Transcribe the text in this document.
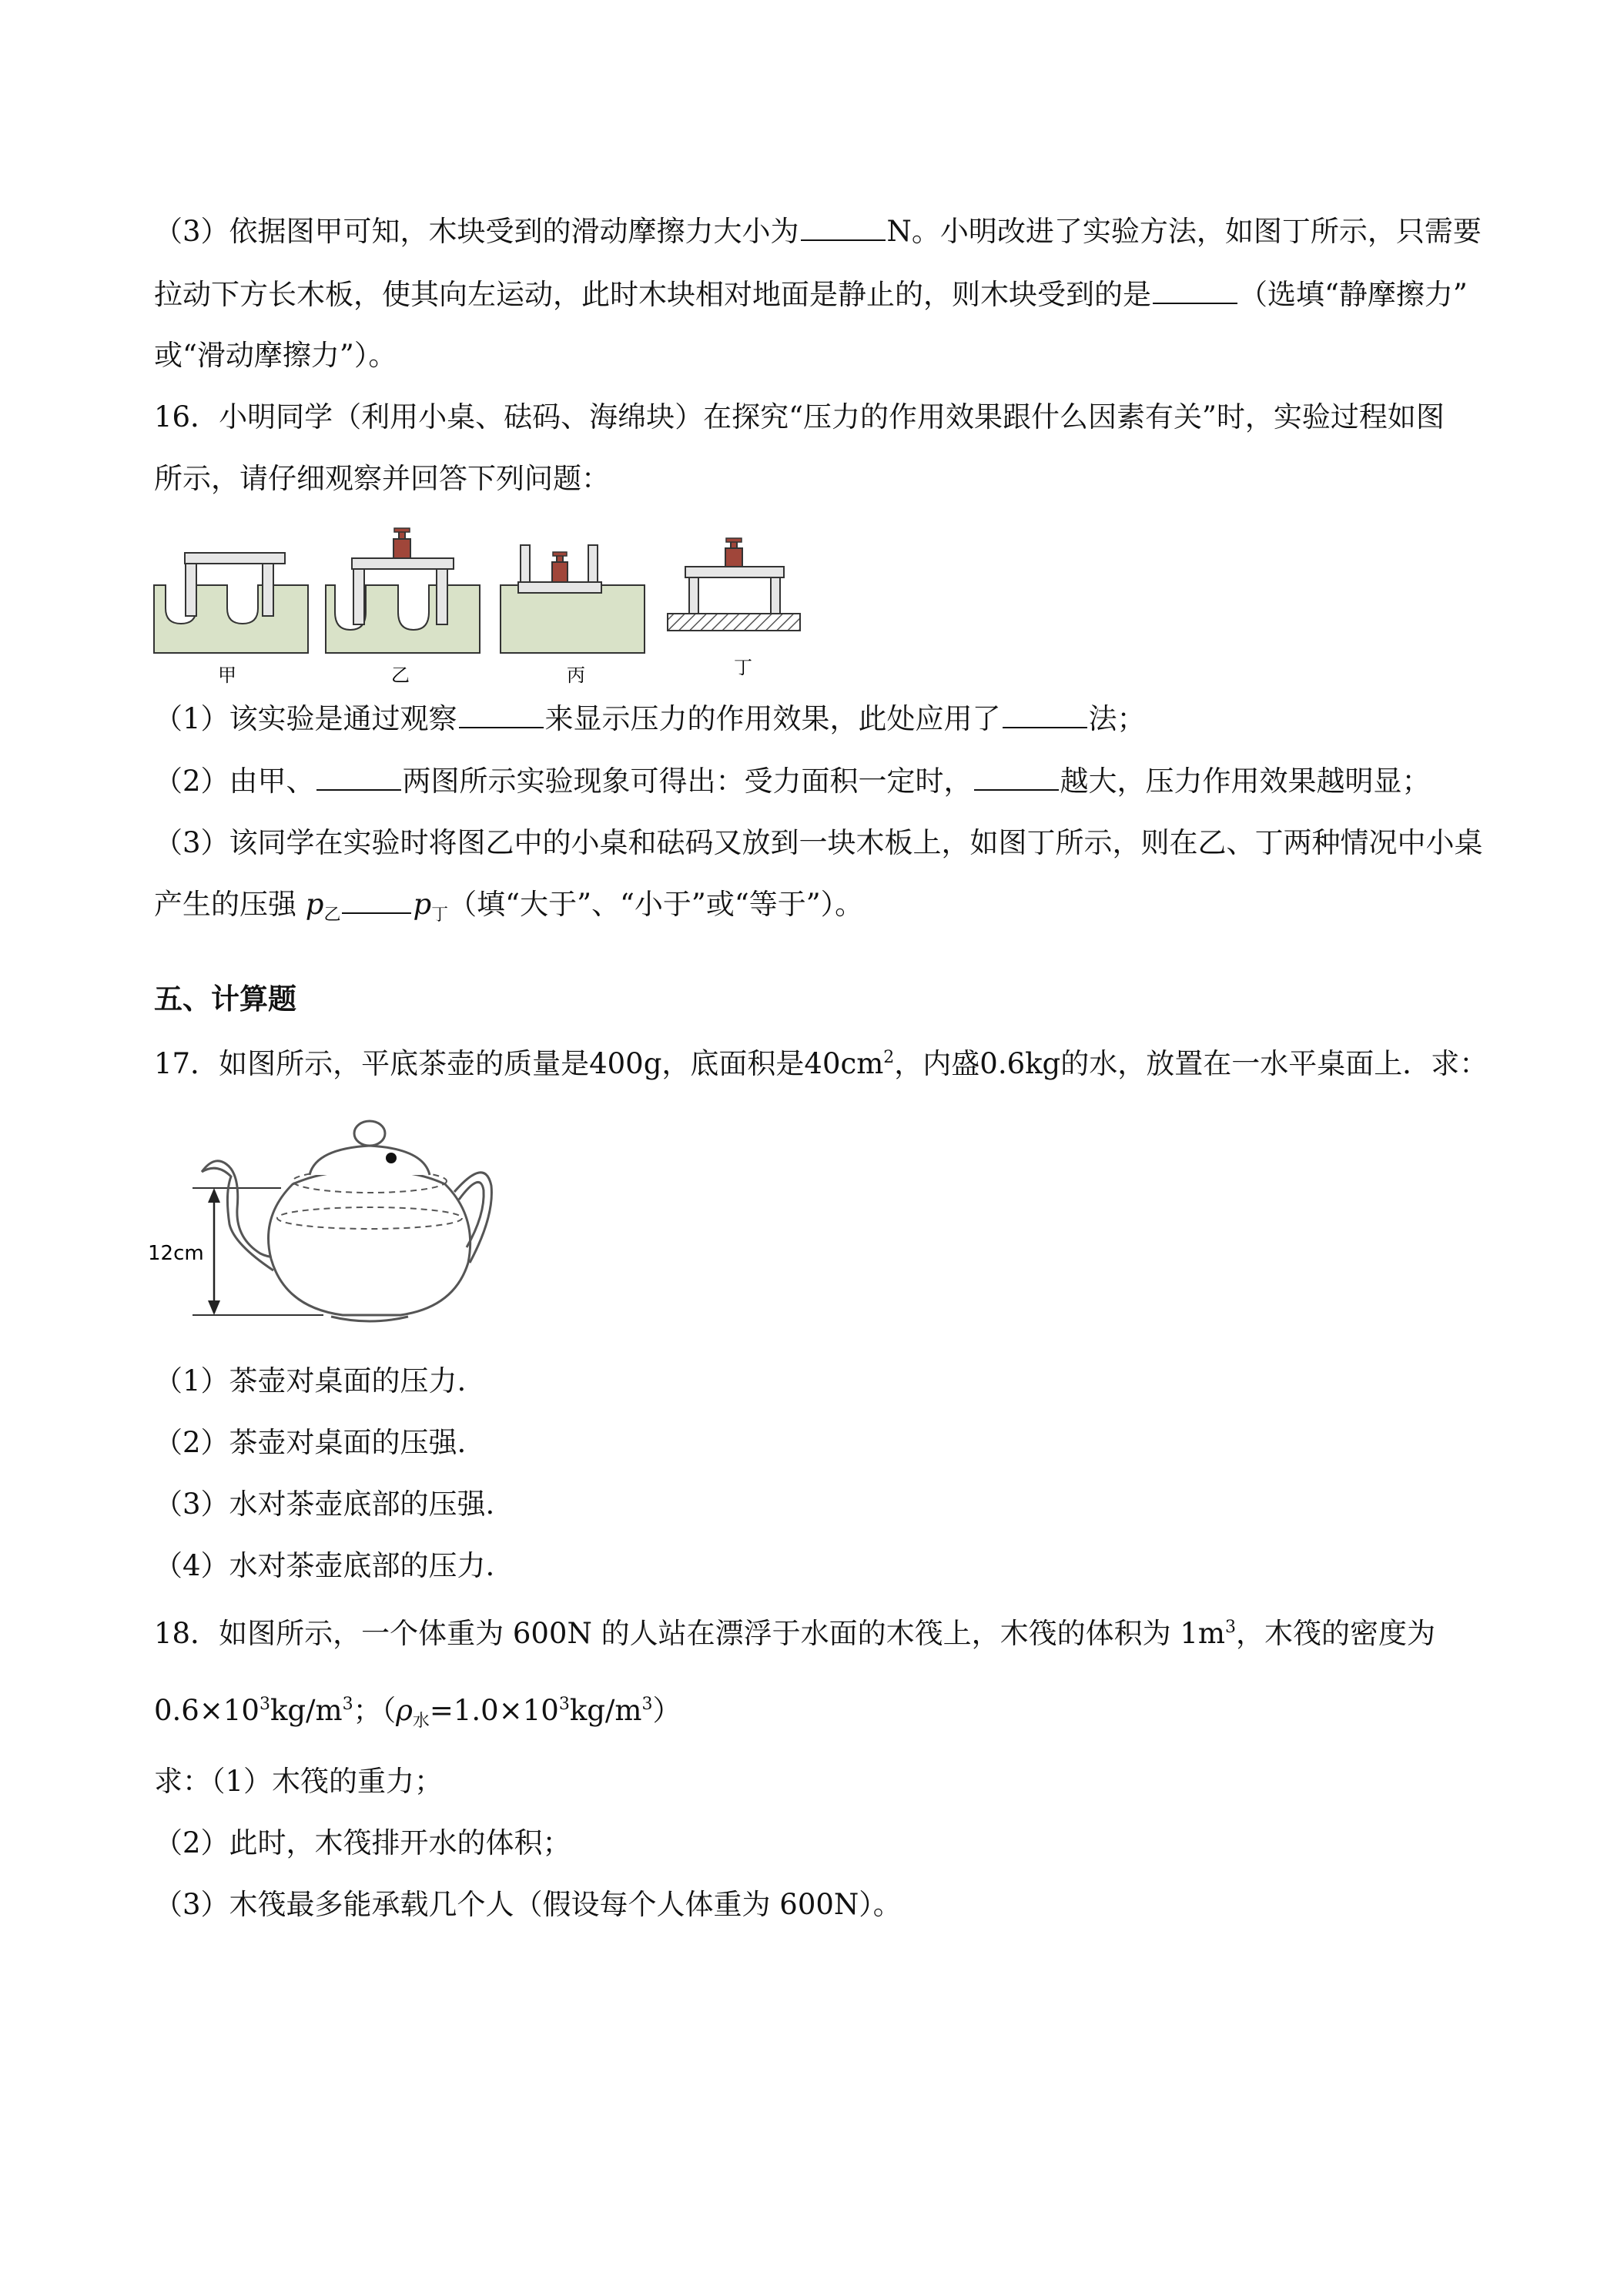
（3）依据图甲可知，木块受到的滑动摩擦力大小为	N。小明改进了实验方法，如图丁所示，只需要
拉动下方长木板，使其向左运动，此时木块相对地面是静止的，则木块受到的是	（选填“静摩擦力”
或“滑动摩擦力”）。
16．小明同学（利用小桌、砝码、海绵块）在探究“压力的作用效果跟什么因素有关”时，实验过程如图
所示，请仔细观察并回答下列问题：
甲	乙	丙	丁
（1）该实验是通过观察	来显示压力的作用效果，此处应用了	法；
（2）由甲、	两图所示实验现象可得出：受力面积一定时，	越大，压力作用效果越明显；
（3）该同学在实验时将图乙中的小桌和砝码又放到一块木板上，如图丁所示，则在乙、丁两种情况中小桌
产生的压强 $p_乙$	$p_丁$（填“大于”、“小于”或“等于”）。
五、计算题
17．如图所示，平底茶壶的质量是400g，底面积是$40cm^2$，内盛0.6kg的水，放置在一水平桌面上．求：
12cm
（1）茶壶对桌面的压力.
（2）茶壶对桌面的压强.
（3）水对茶壶底部的压强.
（4）水对茶壶底部的压力.
18．如图所示，一个体重为 600N 的人站在漂浮于水面的木筏上，木筏的体积为 $1m^3$，木筏的密度为
$0.6\times 10^3kg/m^3$；$(\rho_水=1.0\times 10^3kg/m^3)$
求：（1）木筏的重力；
（2）此时，木筏排开水的体积；
（3）木筏最多能承载几个人（假设每个人体重为 600N）。
